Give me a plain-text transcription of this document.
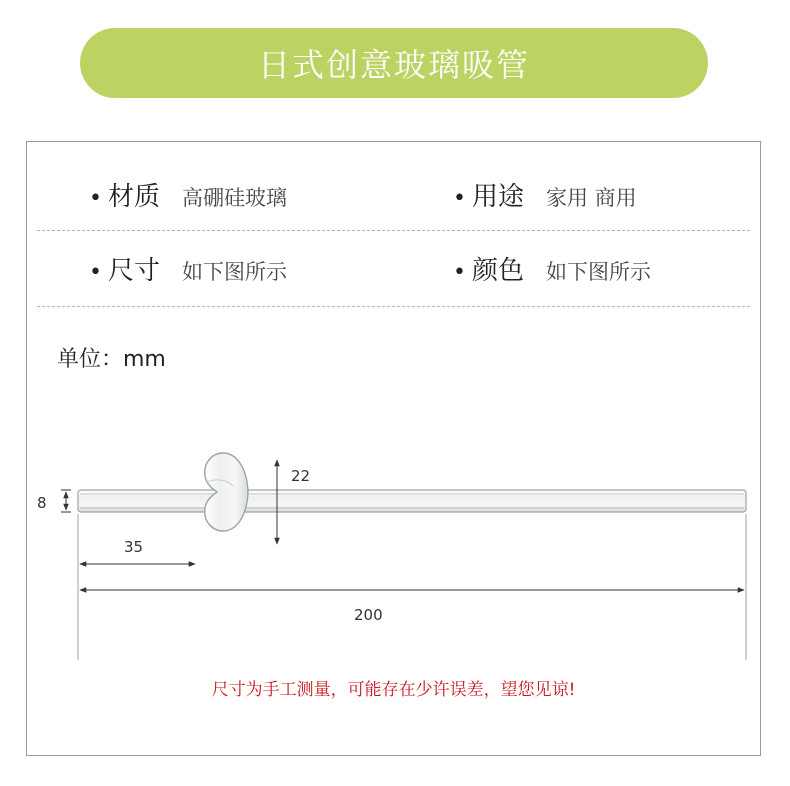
日式创意玻璃吸管
• 材质 高硼硅玻璃	• 用途 家用 商用
• 尺寸 如下图所示	• 颜色 如下图所示
单位：mm
8
22
35
200
尺寸为手工测量，可能存在少许误差，望您见谅!
